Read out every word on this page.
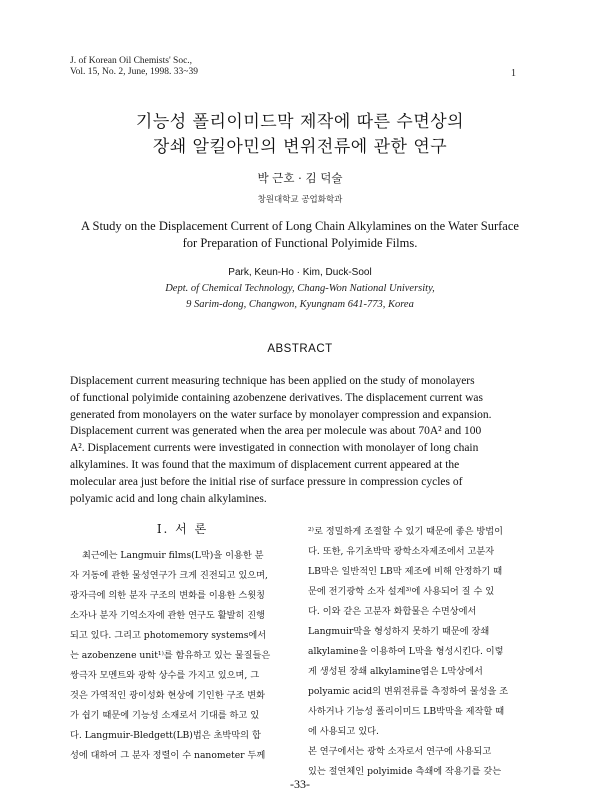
J. of Korean Oil Chemists' Soc.,
Vol. 15, No. 2, June, 1998. 33~39	1
기능성 폴리이미드막 제작에 따른 수면상의
장쇄 알킬아민의 변위전류에 관한 연구
박 근호 · 김 덕술
창원대학교 공업화학과
A Study on the Displacement Current of Long Chain Alkylamines on the Water Surface
for Preparation of Functional Polyimide Films.
Park, Keun-Ho · Kim, Duck-Sool
Dept. of Chemical Technology, Chang-Won National University,
9 Sarim-dong, Changwon, Kyungnam 641-773, Korea
ABSTRACT
Displacement current measuring technique has been applied on the study of monolayers
of functional polyimide containing azobenzene derivatives. The displacement current was
generated from monolayers on the water surface by monolayer compression and expansion.
Displacement current was generated when the area per molecule was about 70A² and 100
A². Displacement currents were investigated in connection with monolayer of long chain
alkylamines. It was found that the maximum of displacement current appeared at the
molecular area just before the initial rise of surface pressure in compression cycles of
polyamic acid and long chain alkylamines.
Ⅰ. 서 론
최근에는 Langmuir films(L막)을 이용한 분
자 거동에 관한 물성연구가 크게 진전되고 있으며,
광자극에 의한 분자 구조의 변화를 이용한 스윗칭
소자나 분자 기억소자에 관한 연구도 활발히 진행
되고 있다. 그리고 photomemory systems에서
는 azobenzene unit¹⁾를 함유하고 있는 물질들은
쌍극자 모멘트와 광학 상수를 가지고 있으며, 그
것은 가역적인 광이성화 현상에 기인한 구조 변화
가 쉽기 때문에 기능성 소재로서 기대를 하고 있
다. Langmuir-Bledgett(LB)법은 초박막의 합
성에 대하여 그 분자 정렬이 수 nanometer 두께
²⁾로 정밀하게 조절할 수 있기 때문에 좋은 방법이
다. 또한, 유기초박막 광학소자제조에서 고분자
LB막은 일반적인 LB막 제조에 비해 안정하기 때
문에 전기광학 소자 설계³⁾에 사용되어 질 수 있
다. 이와 같은 고분자 화합물은 수면상에서
Langmuir막을 형성하지 못하기 때문에 장쇄
alkylamine을 이용하여 L막을 형성시킨다. 이렇
게 생성된 장쇄 alkylamine염은 L막상에서
polyamic acid의 변위전류를 측정하여 물성을 조
사하거나 기능성 폴리이미드 LB박막을 제작할 때
에 사용되고 있다.
본 연구에서는 광학 소자로서 연구에 사용되고
있는 절연체인 polyimide 측쇄에 작용기를 갖는
-33-
